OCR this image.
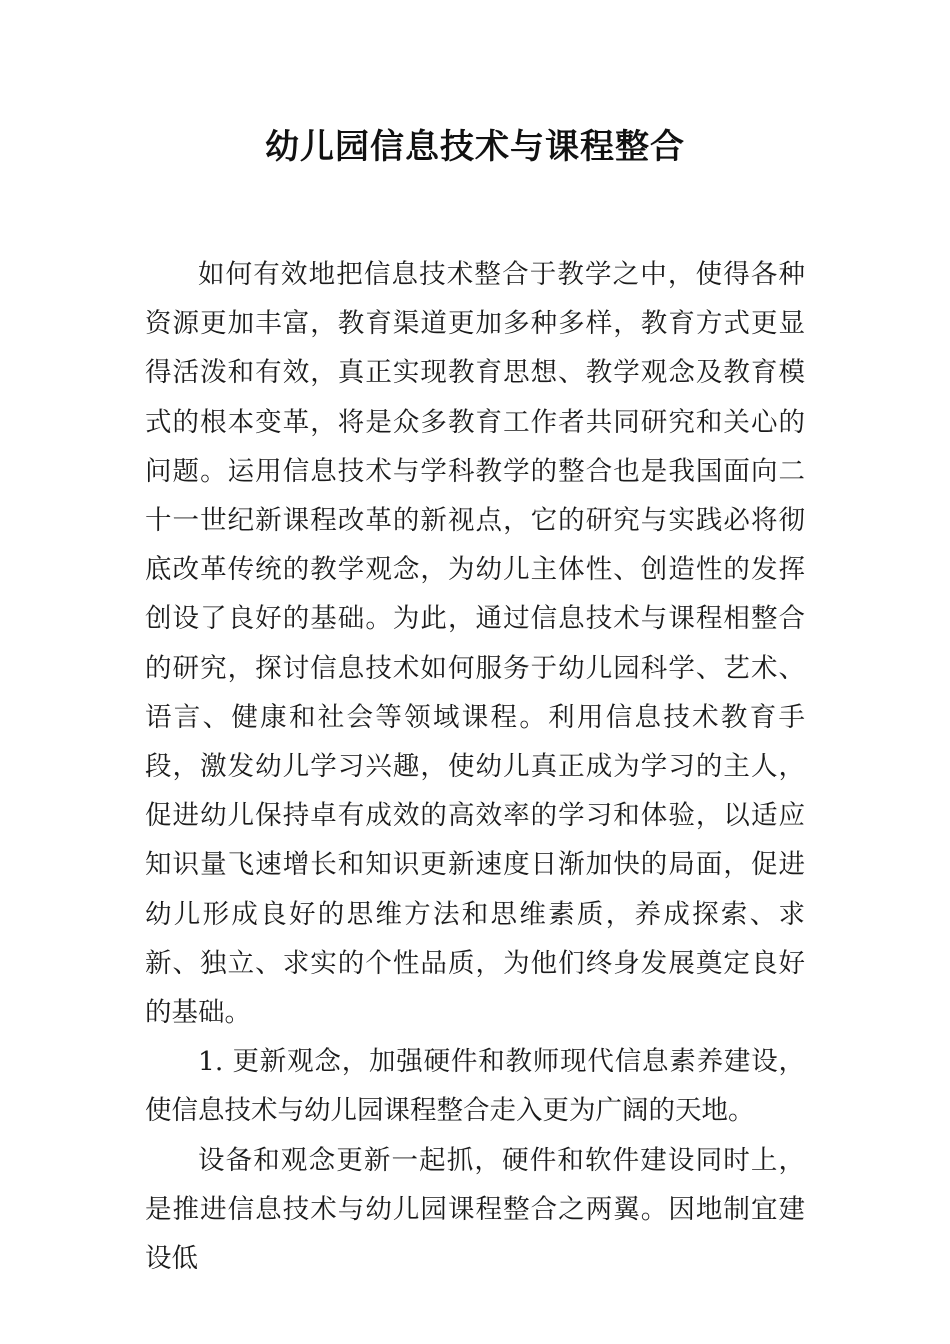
幼儿园信息技术与课程整合

如何有效地把信息技术整合于教学之中，使得各种资源更加丰富，教育渠道更加多种多样，教育方式更显得活泼和有效，真正实现教育思想、教学观念及教育模式的根本变革，将是众多教育工作者共同研究和关心的问题。运用信息技术与学科教学的整合也是我国面向二十一世纪新课程改革的新视点，它的研究与实践必将彻底改革传统的教学观念，为幼儿主体性、创造性的发挥创设了良好的基础。为此，通过信息技术与课程相整合的研究，探讨信息技术如何服务于幼儿园科学、艺术、语言、健康和社会等领域课程。利用信息技术教育手段，激发幼儿学习兴趣，使幼儿真正成为学习的主人，促进幼儿保持卓有成效的高效率的学习和体验，以适应知识量飞速增长和知识更新速度日渐加快的局面，促进幼儿形成良好的思维方法和思维素质，养成探索、求新、独立、求实的个性品质，为他们终身发展奠定良好的基础。

1. 更新观念，加强硬件和教师现代信息素养建设，使信息技术与幼儿园课程整合走入更为广阔的天地。

设备和观念更新一起抓，硬件和软件建设同时上，是推进信息技术与幼儿园课程整合之两翼。因地制宜建设低
